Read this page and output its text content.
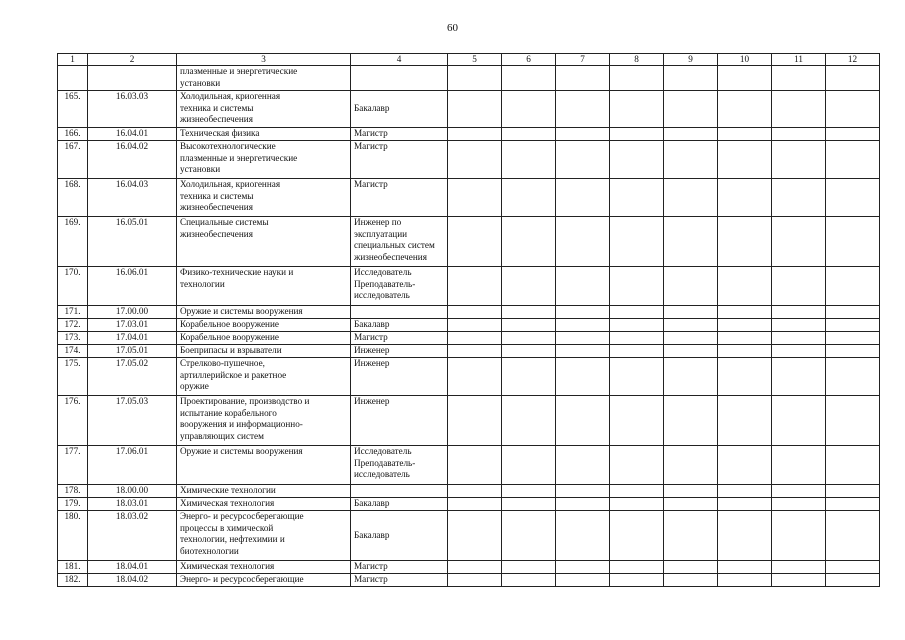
60
1	2	3	4	5	6	7	8	9	10	11	12
		плазменные и энергетические
установки									
165.	16.03.03	Холодильная, криогенная
техника и системы
жизнеобеспечения	Бакалавр								
166.	16.04.01	Техническая физика	Магистр								
167.	16.04.02	Высокотехнологические
плазменные и энергетические
установки	Магистр								
168.	16.04.03	Холодильная, криогенная
техника и системы
жизнеобеспечения	Магистр								
169.	16.05.01	Специальные системы
жизнеобеспечения	Инженер по
эксплуатации
специальных систем
жизнеобеспечения								
170.	16.06.01	Физико-технические науки и
технологии	Исследователь
Преподаватель-
исследователь								
171.	17.00.00	Оружие и системы вооружения									
172.	17.03.01	Корабельное вооружение	Бакалавр								
173.	17.04.01	Корабельное вооружение	Магистр								
174.	17.05.01	Боеприпасы и взрыватели	Инженер								
175.	17.05.02	Стрелково-пушечное,
артиллерийское и ракетное
оружие	Инженер								
176.	17.05.03	Проектирование, производство и
испытание корабельного
вооружения и информационно-
управляющих систем	Инженер								
177.	17.06.01	Оружие и системы вооружения	Исследователь
Преподаватель-
исследователь								
178.	18.00.00	Химические технологии									
179.	18.03.01	Химическая технология	Бакалавр								
180.	18.03.02	Энерго- и ресурсосберегающие
процессы в химической
технологии, нефтехимии и
биотехнологии	Бакалавр								
181.	18.04.01	Химическая технология	Магистр								
182.	18.04.02	Энерго- и ресурсосберегающие	Магистр								
